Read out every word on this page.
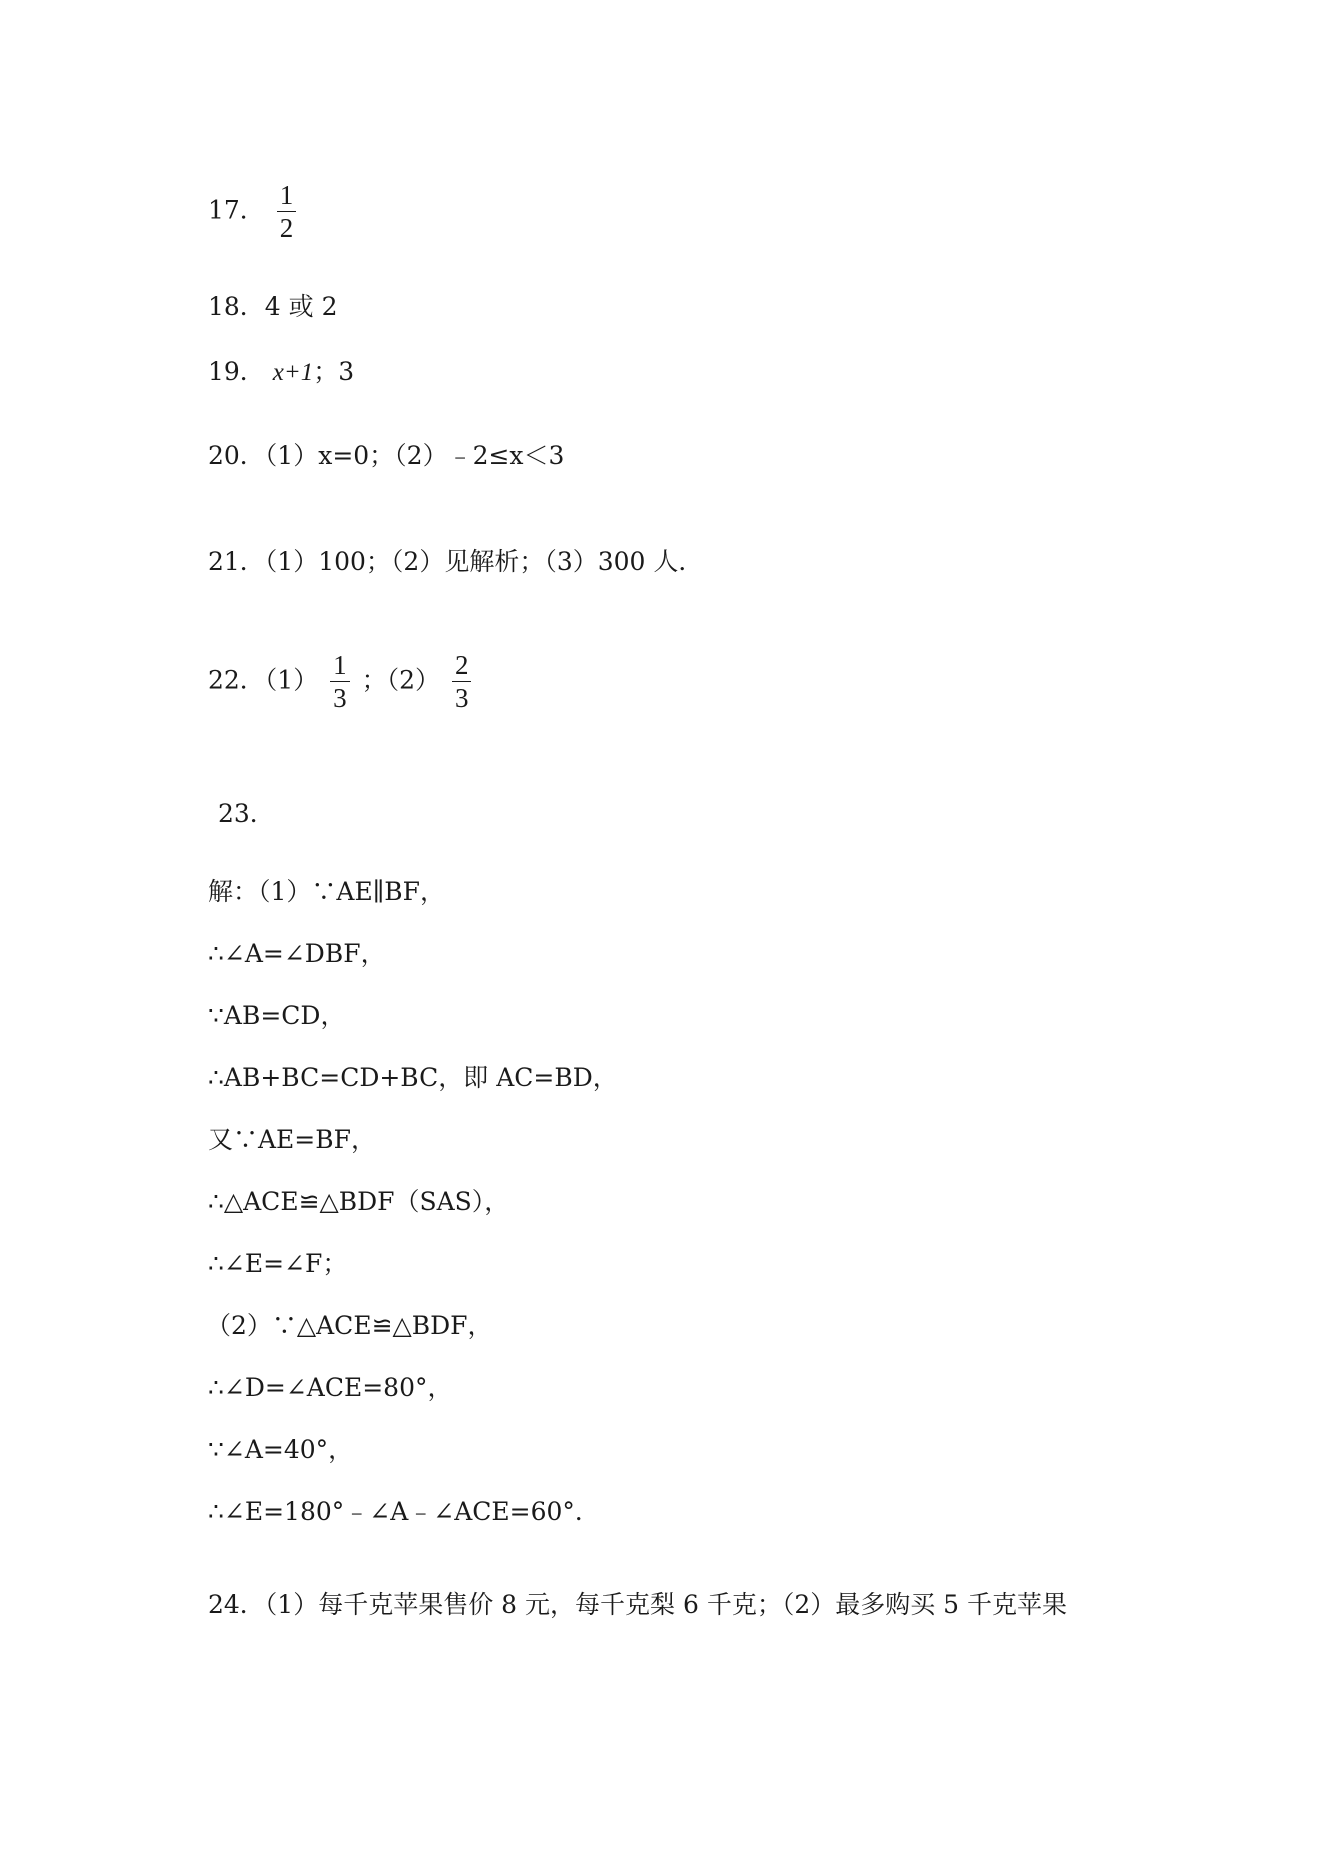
17． $\frac{1}{2}$
18．4 或 2
19． x+1；3
20．（1）x=0；（2）﹣2≤x＜3
21．（1）100；（2）见解析；（3）300 人．
22．$(1) \frac{1}{3}$ ；$(2) \frac{2}{3}$
23．
解：（1）∵AE∥BF，
∴∠A=∠DBF，
∵AB=CD，
∴AB+BC=CD+BC，即 AC=BD，
又∵AE=BF，
∴△ACE≌△BDF（SAS），
∴∠E=∠F；
（2）∵△ACE≌△BDF，
∴∠D=∠ACE=80°，
∵∠A=40°，
∴∠E=180°﹣∠A﹣∠ACE=60°．
24．（1）每千克苹果售价 8 元，每千克梨 6 千克；（2）最多购买 5 千克苹果
